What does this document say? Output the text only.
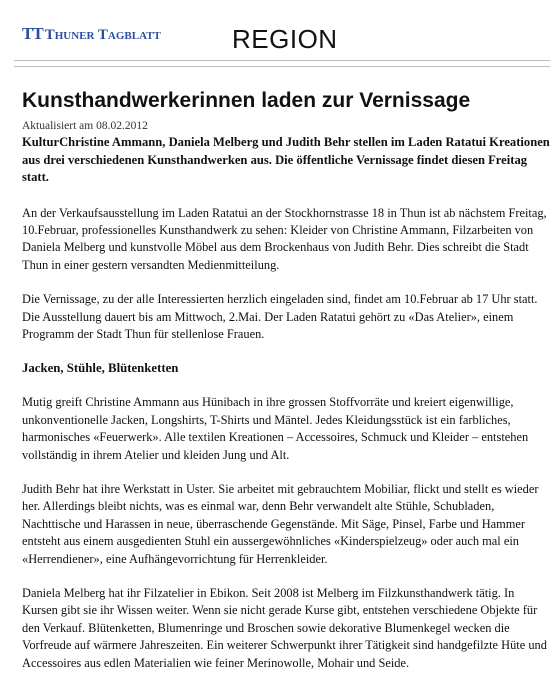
TT Thuner Tagblatt	REGION
Kunsthandwerkerinnen laden zur Vernissage
Aktualisiert am 08.02.2012

KulturChristine Ammann, Daniela Melberg und Judith Behr stellen im Laden Ratatui Kreationen aus drei verschiedenen Kunsthandwerken aus. Die öffentliche Vernissage findet diesen Freitag statt.

An der Verkaufsausstellung im Laden Ratatui an der Stockhornstrasse 18 in Thun ist ab nächstem Freitag, 10.Februar, professionelles Kunsthandwerk zu sehen: Kleider von Christine Ammann, Filzarbeiten von Daniela Melberg und kunstvolle Möbel aus dem Brockenhaus von Judith Behr. Dies schreibt die Stadt Thun in einer gestern versandten Medienmitteilung.

Die Vernissage, zu der alle Interessierten herzlich eingeladen sind, findet am 10.Februar ab 17 Uhr statt. Die Ausstellung dauert bis am Mittwoch, 2.Mai. Der Laden Ratatui gehört zu «Das Atelier», einem Programm der Stadt Thun für stellenlose Frauen.

Jacken, Stühle, Blütenketten

Mutig greift Christine Ammann aus Hünibach in ihre grossen Stoffvorräte und kreiert eigenwillige, unkonventionelle Jacken, Longshirts, T-Shirts und Mäntel. Jedes Kleidungsstück ist ein farbliches, harmonisches «Feuerwerk». Alle textilen Kreationen – Accessoires, Schmuck und Kleider – entstehen vollständig in ihrem Atelier und kleiden Jung und Alt.

Judith Behr hat ihre Werkstatt in Uster. Sie arbeitet mit gebrauchtem Mobiliar, flickt und stellt es wieder her. Allerdings bleibt nichts, was es einmal war, denn Behr verwandelt alte Stühle, Schubladen, Nachttische und Harassen in neue, überraschende Gegenstände. Mit Säge, Pinsel, Farbe und Hammer entsteht aus einem ausgedienten Stuhl ein aussergewöhnliches «Kinderspielzeug» oder auch mal ein «Herrendiener», eine Aufhängevorrichtung für Herrenkleider.

Daniela Melberg hat ihr Filzatelier in Ebikon. Seit 2008 ist Melberg im Filzkunsthandwerk tätig. In Kursen gibt sie ihr Wissen weiter. Wenn sie nicht gerade Kurse gibt, entstehen verschiedene Objekte für den Verkauf. Blütenketten, Blumenringe und Broschen sowie dekorative Blumenkegel wecken die Vorfreude auf wärmere Jahreszeiten. Ein weiterer Schwerpunkt ihrer Tätigkeit sind handgefilzte Hüte und Accessoires aus edlen Materialien wie feiner Merinowolle, Mohair und Seide.
